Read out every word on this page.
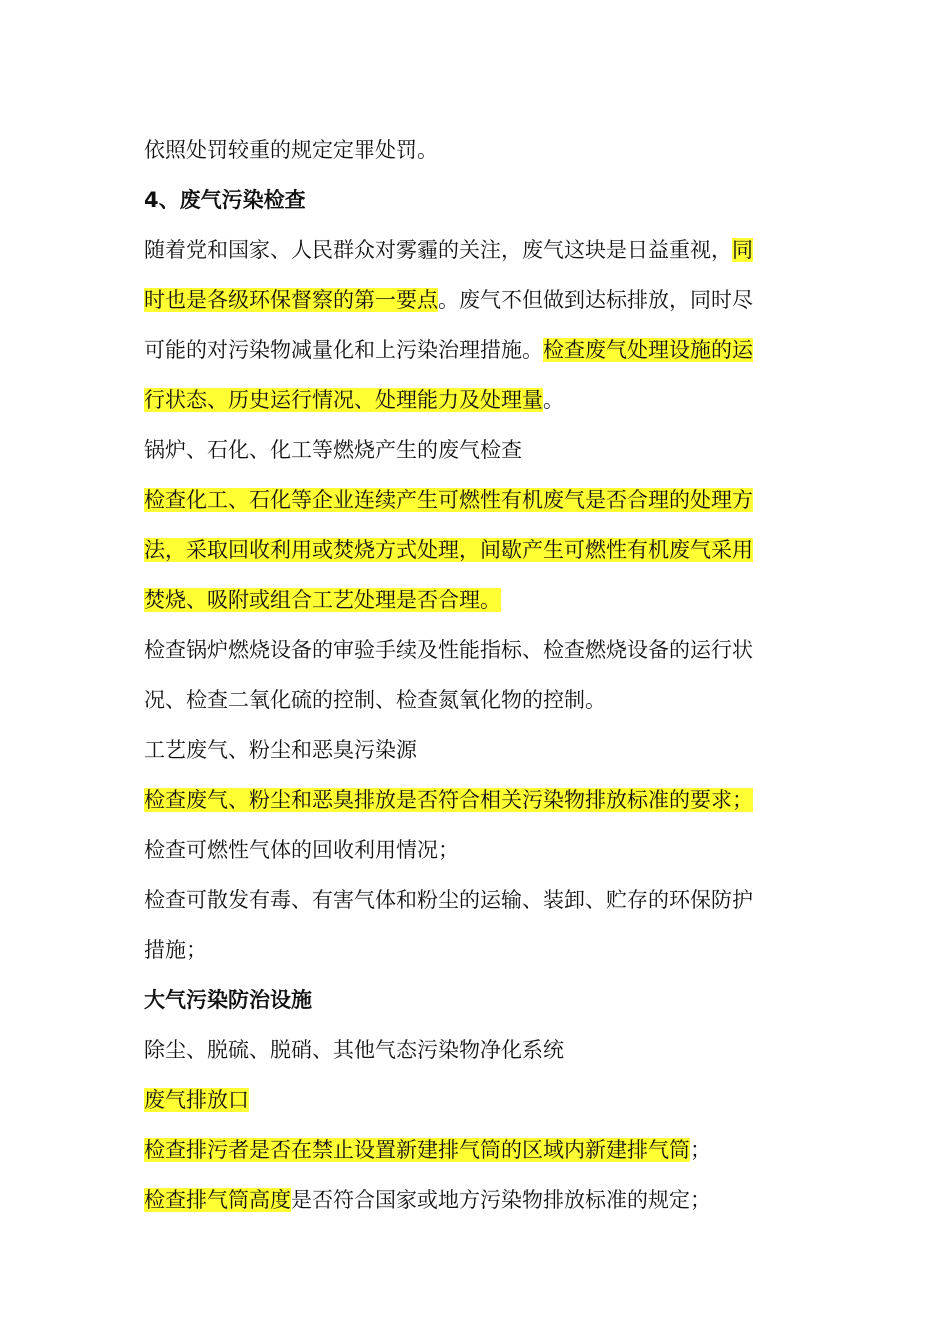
依照处罚较重的规定定罪处罚。
4、废气污染检查
随着党和国家、人民群众对雾霾的关注，废气这块是日益重视，同
时也是各级环保督察的第一要点。废气不但做到达标排放，同时尽
可能的对污染物减量化和上污染治理措施。检查废气处理设施的运
行状态、历史运行情况、处理能力及处理量。
锅炉、石化、化工等燃烧产生的废气检查
检查化工、石化等企业连续产生可燃性有机废气是否合理的处理方
法，采取回收利用或焚烧方式处理，间歇产生可燃性有机废气采用
焚烧、吸附或组合工艺处理是否合理。
检查锅炉燃烧设备的审验手续及性能指标、检查燃烧设备的运行状
况、检查二氧化硫的控制、检查氮氧化物的控制。
工艺废气、粉尘和恶臭污染源
检查废气、粉尘和恶臭排放是否符合相关污染物排放标准的要求；
检查可燃性气体的回收利用情况；
检查可散发有毒、有害气体和粉尘的运输、装卸、贮存的环保防护
措施；
大气污染防治设施
除尘、脱硫、脱硝、其他气态污染物净化系统
废气排放口
检查排污者是否在禁止设置新建排气筒的区域内新建排气筒；
检查排气筒高度是否符合国家或地方污染物排放标准的规定；
